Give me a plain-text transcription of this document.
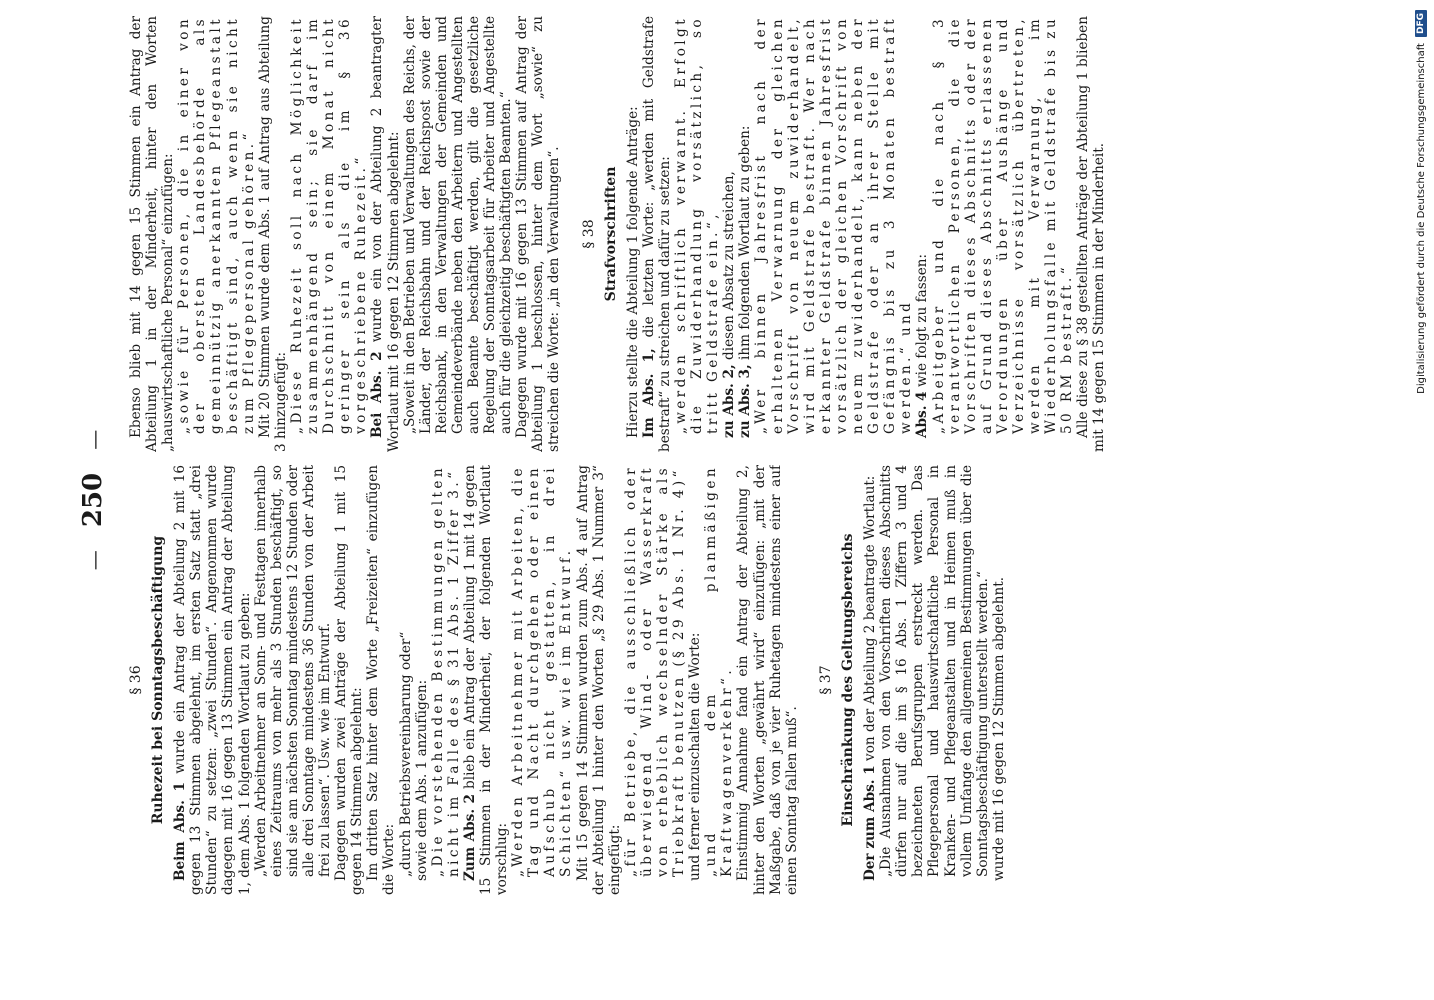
— 250 —
§ 36 Ruhezeit bei Sonntagsbeschäftigung

Beim Abs. 1 wurde ein Antrag der Abteilung 2 mit 16 gegen 13 Stimmen abgelehnt, im ersten Satz statt „drei Stunden“ zu setzen: „zwei Stunden“. Angenommen wurde dagegen mit 16 gegen 13 Stimmen ein Antrag der Abteilung 1, dem Abs. 1 folgenden Wortlaut zu geben: „Werden Arbeitnehmer an Sonn- und Festtagen innerhalb eines Zeitraums von mehr als 3 Stunden beschäftigt, so sind sie am nächsten Sonntag mindestens 12 Stunden oder alle drei Sonntage mindestens 36 Stunden von der Arbeit frei zu lassen“. Usw. wie im Entwurf. Dagegen wurden zwei Anträge der Abteilung 1 mit 15 gegen 14 Stimmen abgelehnt: Im dritten Satz hinter dem Worte „Freizeiten“ einzufügen die Worte: „durch Betriebsvereinbarung oder“ sowie dem Abs. 1 anzufügen: „Die vorstehenden Bestimmungen gelten nicht im Falle des § 31 Abs. 1 Ziffer 3.“ Zum Abs. 2 blieb ein Antrag der Abteilung 1 mit 14 gegen 15 Stimmen in der Minderheit, der folgenden Wortlaut vorschlug: „Werden Arbeitnehmer mit Arbeiten, die Tag und Nacht durchgehen oder einen Aufschub nicht gestatten, in drei Schichten“ usw. wie im Entwurf. Mit 15 gegen 14 Stimmen wurden zum Abs. 4 auf Antrag der Abteilung 1 hinter den Worten „§ 29 Abs. 1 Nummer 3“ eingefügt: „für Betriebe, die ausschließlich oder überwiegend Wind- oder Wasserkraft von erheblich wechselnder Stärke als Triebkraft benutzen (§ 29 Abs. 1 Nr. 4)“ und ferner einzuschalten die Worte: „und dem planmäßigen Kraftwagenverkehr“. Einstimmig Annahme fand ein Antrag der Abteilung 2, hinter den Worten „gewährt wird“ einzufügen: „mit der Maßgabe, daß von je vier Ruhetagen mindestens einer auf einen Sonntag fallen muß“.

§ 37 Einschränkung des Geltungsbereichs Der zum Abs. 1 von der Abteilung 2 beantragte Wortlaut: „Die Ausnahmen von den Vorschriften dieses Abschnitts dürfen nur auf die im § 16 Abs. 1 Ziffern 3 und 4 bezeichneten Berufsgruppen erstreckt werden. Das Pflegepersonal und hauswirtschaftliche Personal in Kranken- und Pflegeanstalten und in Heimen muß in vollem Umfange den allgemeinen Bestimmungen über die Sonntagsbeschäftigung unterstellt werden.“ wurde mit 16 gegen 12 Stimmen abgelehnt.

Ebenso blieb mit 14 gegen 15 Stimmen ein Antrag der Abteilung 1 in der Minderheit, hinter den Worten „hauswirtschaftliche Personal“ einzufügen: „sowie für Personen, die in einer von der obersten Landesbehörde als gemeinnützig anerkannten Pflegeanstalt beschäftigt sind, auch wenn sie nicht zum Pflegepersonal gehören.“ Mit 20 Stimmen wurde dem Abs. 1 auf Antrag aus Abteilung 3 hinzugefügt: „Diese Ruhezeit soll nach Möglichkeit zusammenhängend sein; sie darf im Durchschnitt von einem Monat nicht geringer sein als die im § 36 vorgeschriebene Ruhezeit.“ Bei Abs. 2 wurde ein von der Abteilung 2 beantragter Wortlaut mit 16 gegen 12 Stimmen abgelehnt: „Soweit in den Betrieben und Verwaltungen des Reichs, der Länder, der Reichsbahn und der Reichspost sowie der Reichsbank, in den Verwaltungen der Gemeinden und Gemeindeverbände neben den Arbeitern und Angestellten auch Beamte beschäftigt werden, gilt die gesetzliche Regelung der Sonntagsarbeit für Arbeiter und Angestellte auch für die gleichzeitig beschäftigten Beamten.“ Dagegen wurde mit 16 gegen 13 Stimmen auf Antrag der Abteilung 1 beschlossen, hinter dem Wort „sowie“ zu streichen die Worte: „in den Verwaltungen“. § 38 Strafvorschriften Hierzu stellte die Abteilung 1 folgende Anträge: Im Abs. 1, die letzten Worte: „werden mit Geldstrafe bestraft“ zu streichen und dafür zu setzen: „werden schriftlich verwarnt. Erfolgt die Zuwiderhandlung vorsätzlich, so tritt Geldstrafe ein.“, zu Abs. 2, diesen Absatz zu streichen,

zu Abs. 3, ihm folgenden Wortlaut zu geben: „Wer binnen Jahresfrist nach der erhaltenen Verwarnung der gleichen Vorschrift von neuem zuwiderhandelt, wird mit Geldstrafe bestraft. Wer nach erkannter Geldstrafe binnen Jahresfrist vorsätzlich der gleichen Vorschrift von neuem zuwiderhandelt, kann neben der Geldstrafe oder an ihrer Stelle mit Gefängnis bis zu 3 Monaten bestraft werden.“ und Abs. 4 wie folgt zu fassen: „Arbeitgeber und die nach § 3 verantwortlichen Personen, die die Vorschriften dieses Abschnitts oder der auf Grund dieses Abschnitts erlassenen Verordnungen über Aushänge und Verzeichnisse vorsätzlich übertreten, werden mit Verwarnung, im Wiederholungsfalle mit Geldstrafe bis zu 50 RM bestraft.“ Alle diese zu § 38 gestellten Anträge der Abteilung 1 blieben mit 14 gegen 15 Stimmen in der Minderheit.	Digitalisierung gefördert durch die Deutsche Forschungsgemeinschaft
DFG
